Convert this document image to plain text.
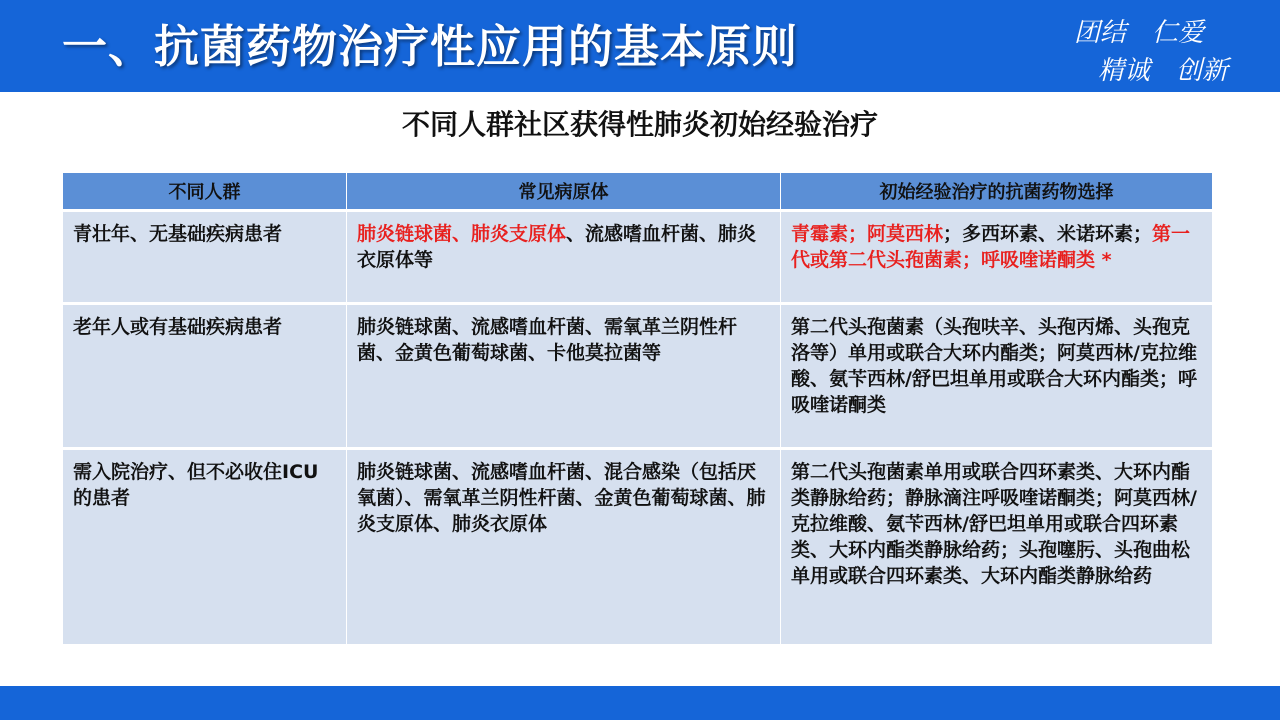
一、抗菌药物治疗性应用的基本原则	团结　仁爱
精诚　创新
不同人群社区获得性肺炎初始经验治疗
不同人群	常见病原体	初始经验治疗的抗菌药物选择
青壮年、无基础疾病患者	肺炎链球菌、肺炎支原体、流感嗜血杆菌、肺炎衣原体等	青霉素；阿莫西林；多西环素、米诺环素；第一代或第二代头孢菌素；呼吸喹诺酮类 *
老年人或有基础疾病患者	肺炎链球菌、流感嗜血杆菌、需氧革兰阴性杆菌、金黄色葡萄球菌、卡他莫拉菌等	第二代头孢菌素（头孢呋辛、头孢丙烯、头孢克洛等）单用或联合大环内酯类；阿莫西林/克拉维酸、氨苄西林/舒巴坦单用或联合大环内酯类；呼吸喹诺酮类
需入院治疗、但不必收住ICU 的患者	肺炎链球菌、流感嗜血杆菌、混合感染（包括厌氧菌）、需氧革兰阴性杆菌、金黄色葡萄球菌、肺炎支原体、肺炎衣原体	第二代头孢菌素单用或联合四环素类、大环内酯类静脉给药；静脉滴注呼吸喹诺酮类；阿莫西林/克拉维酸、氨苄西林/舒巴坦单用或联合四环素类、大环内酯类静脉给药；头孢噻肟、头孢曲松单用或联合四环素类、大环内酯类静脉给药
